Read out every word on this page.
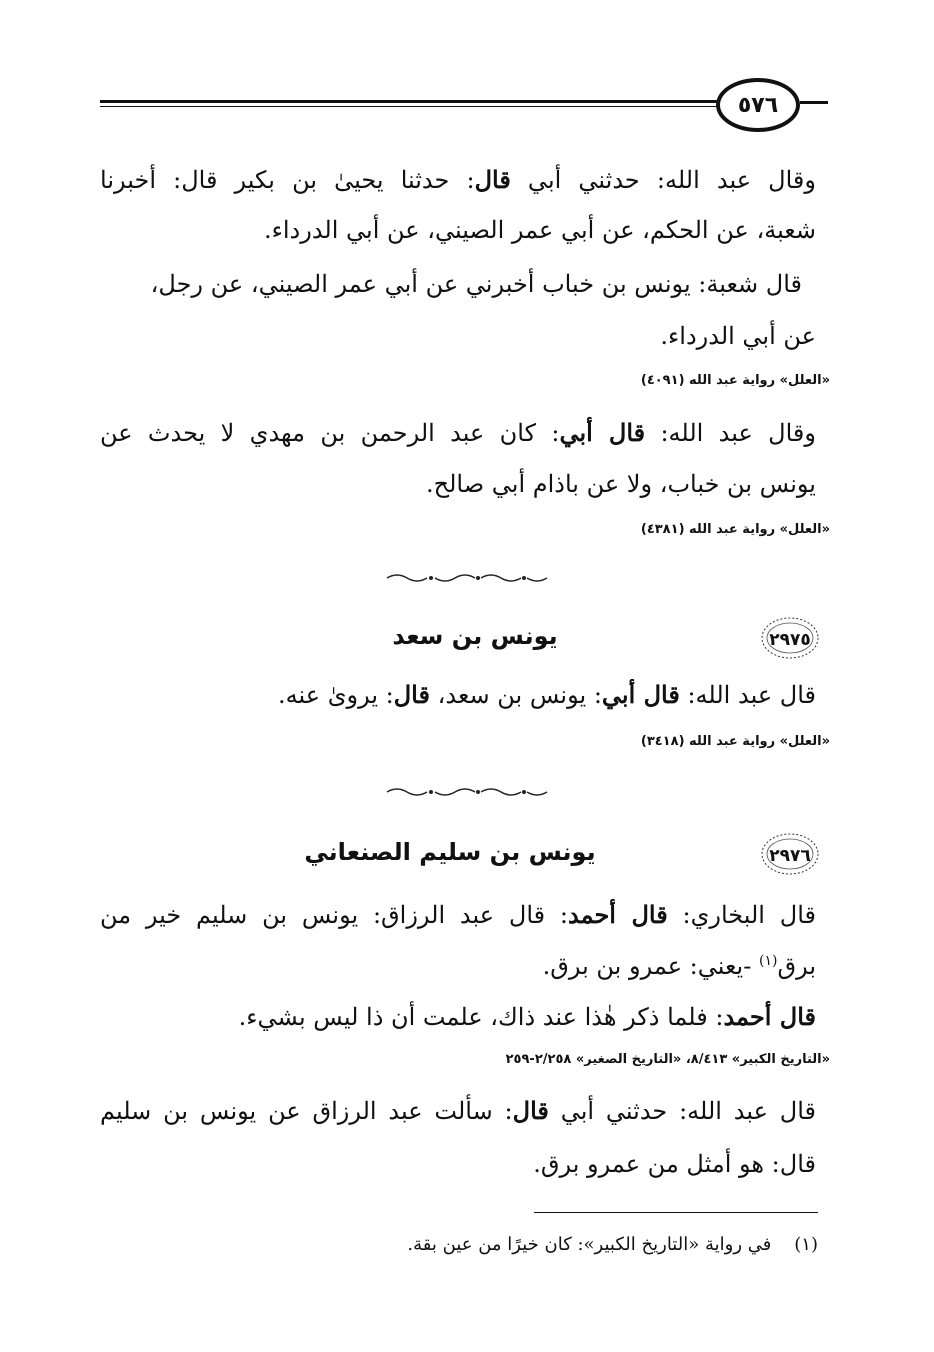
٥٧٦
وقال عبد الله: حدثني أبي قال: حدثنا يحيىٰ بن بكير قال: أخبرنا
شعبة، عن الحكم، عن أبي عمر الصيني، عن أبي الدرداء.
قال شعبة: يونس بن خباب أخبرني عن أبي عمر الصيني، عن رجل،
عن أبي الدرداء.
«العلل» رواية عبد الله (٤٠٩١)
وقال عبد الله: قال أبي: كان عبد الرحمن بن مهدي لا يحدث عن
يونس بن خباب، ولا عن باذام أبي صالح.
«العلل» رواية عبد الله (٤٣٨١)
٢٩٧٥
يونس بن سعد
قال عبد الله: قال أبي: يونس بن سعد، قال: يروىٰ عنه.
«العلل» رواية عبد الله (٣٤١٨)
٢٩٧٦
يونس بن سليم الصنعاني
قال البخاري: قال أحمد: قال عبد الرزاق: يونس بن سليم خير من
برق$^{(١)}$ -يعني: عمرو بن برق.
قال أحمد: فلما ذكر هٰذا عند ذاك، علمت أن ذا ليس بشيء.
«التاريخ الكبير» ٨/٤١٣، «التاريخ الصغير» ٢/٢٥٨-٢٥٩
قال عبد الله: حدثني أبي قال: سألت عبد الرزاق عن يونس بن سليم
قال: هو أمثل من عمرو برق.
(١)    في رواية «التاريخ الكبير»: كان خيرًا من عين بقة.
